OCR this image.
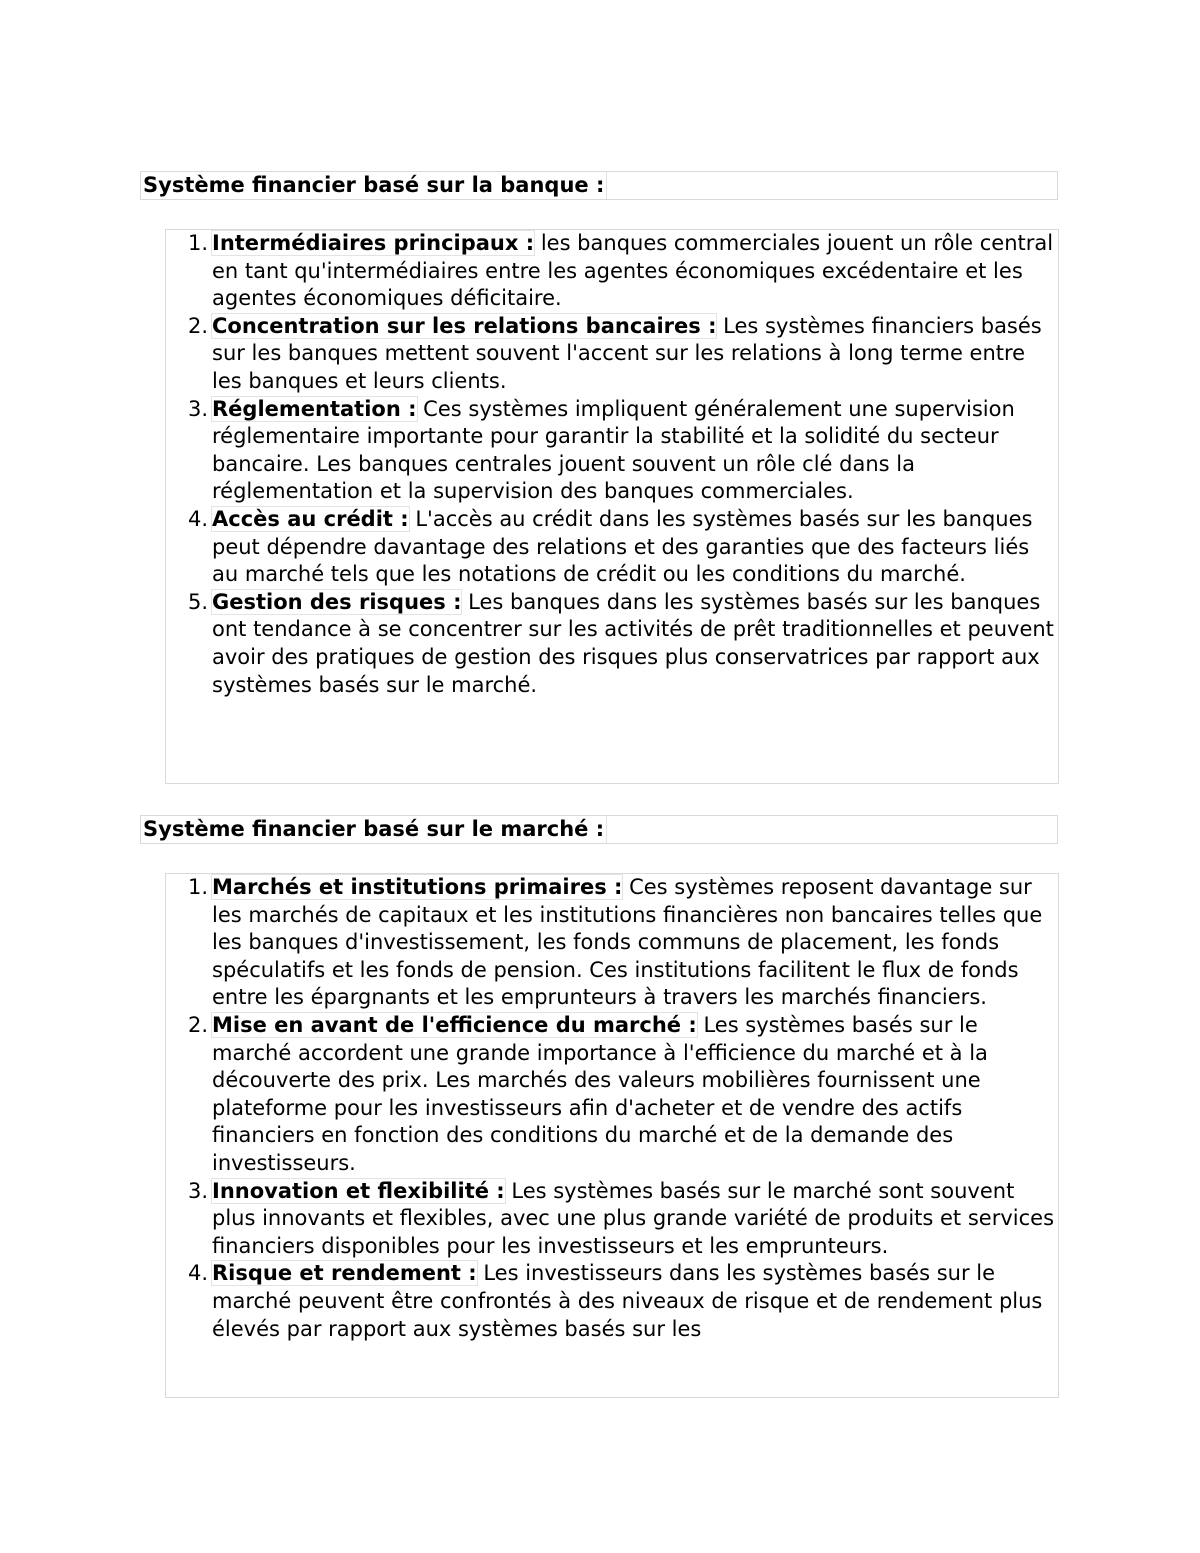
Système financier basé sur la banque :
1. Intermédiaires principaux : les banques commerciales jouent un rôle central en tant qu'intermédiaires entre les agentes économiques excédentaire et les agentes économiques déficitaire.
2. Concentration sur les relations bancaires : Les systèmes financiers basés sur les banques mettent souvent l'accent sur les relations à long terme entre les banques et leurs clients.
3. Réglementation : Ces systèmes impliquent généralement une supervision réglementaire importante pour garantir la stabilité et la solidité du secteur bancaire. Les banques centrales jouent souvent un rôle clé dans la réglementation et la supervision des banques commerciales.
4. Accès au crédit : L'accès au crédit dans les systèmes basés sur les banques peut dépendre davantage des relations et des garanties que des facteurs liés au marché tels que les notations de crédit ou les conditions du marché.
5. Gestion des risques : Les banques dans les systèmes basés sur les banques ont tendance à se concentrer sur les activités de prêt traditionnelles et peuvent avoir des pratiques de gestion des risques plus conservatrices par rapport aux systèmes basés sur le marché.
Système financier basé sur le marché :
1. Marchés et institutions primaires : Ces systèmes reposent davantage sur les marchés de capitaux et les institutions financières non bancaires telles que les banques d'investissement, les fonds communs de placement, les fonds spéculatifs et les fonds de pension. Ces institutions facilitent le flux de fonds entre les épargnants et les emprunteurs à travers les marchés financiers.
2. Mise en avant de l'efficience du marché : Les systèmes basés sur le marché accordent une grande importance à l'efficience du marché et à la découverte des prix. Les marchés des valeurs mobilières fournissent une plateforme pour les investisseurs afin d'acheter et de vendre des actifs financiers en fonction des conditions du marché et de la demande des investisseurs.
3. Innovation et flexibilité : Les systèmes basés sur le marché sont souvent plus innovants et flexibles, avec une plus grande variété de produits et services financiers disponibles pour les investisseurs et les emprunteurs.
4. Risque et rendement : Les investisseurs dans les systèmes basés sur le marché peuvent être confrontés à des niveaux de risque et de rendement plus élevés par rapport aux systèmes basés sur les
